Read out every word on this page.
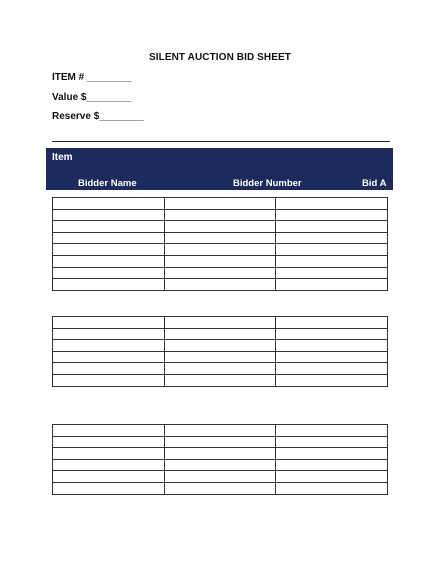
SILENT AUCTION BID SHEET
ITEM # ________
Value $________
Reserve $________
Item
Bidder Name	Bidder Number	Bid A
